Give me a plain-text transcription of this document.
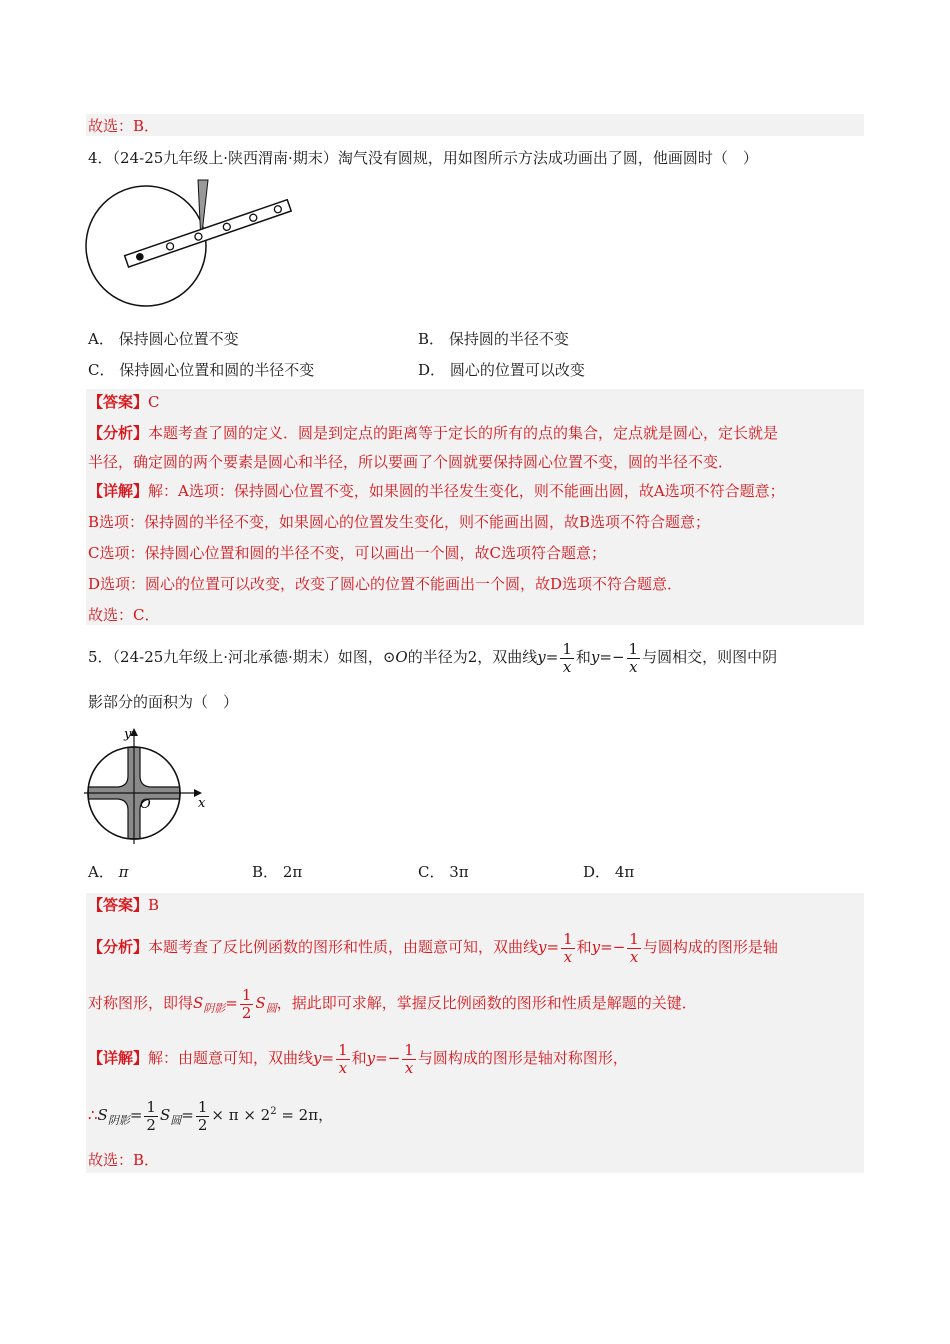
故选：B．
4．（24-25九年级上·陕西渭南·期末）淘气没有圆规，用如图所示方法成功画出了圆，他画圆时（　）
A． 保持圆心位置不变	B． 保持圆的半径不变
C． 保持圆心位置和圆的半径不变	D． 圆心的位置可以改变
【答案】C
【分析】本题考查了圆的定义．圆是到定点的距离等于定长的所有的点的集合，定点就是圆心，定长就是
半径，确定圆的两个要素是圆心和半径，所以要画了个圆就要保持圆心位置不变，圆的半径不变．
【详解】解：A选项：保持圆心位置不变，如果圆的半径发生变化，则不能画出圆，故A选项不符合题意；
B选项：保持圆的半径不变，如果圆心的位置发生变化，则不能画出圆，故B选项不符合题意；
C选项：保持圆心位置和圆的半径不变，可以画出一个圆，故C选项符合题意；
D选项：圆心的位置可以改变，改变了圆心的位置不能画出一个圆，故D选项不符合题意．
故选：C．
5．（24-25九年级上·河北承德·期末）如图，⊙O的半径为2，双曲线$y= \frac{1}{x}$ 和$y=- \frac{1}{x}$ 与圆相交，则图中阴
影部分的面积为（　）
y
x
O
A． π	B． 2π	C． 3π	D． 4π
【答案】B
【分析】本题考查了反比例函数的图形和性质，由题意可知，双曲线$y= \frac{1}{x}$ 和$y=- \frac{1}{x}$ 与圆构成的图形是轴
对称图形，即得$S_{阴影}= \frac{1}{2} S_圆$，据此即可求解，掌握反比例函数的图形和性质是解题的关键．
【详解】解：由题意可知，双曲线$y= \frac{1}{x}$ 和$y=- \frac{1}{x}$ 与圆构成的图形是轴对称图形，
$\therefore S_{阴影}= \frac{1}{2} S_圆= \frac{1}{2} \times \pi \times 2^2 = 2\pi$，
故选：B．
